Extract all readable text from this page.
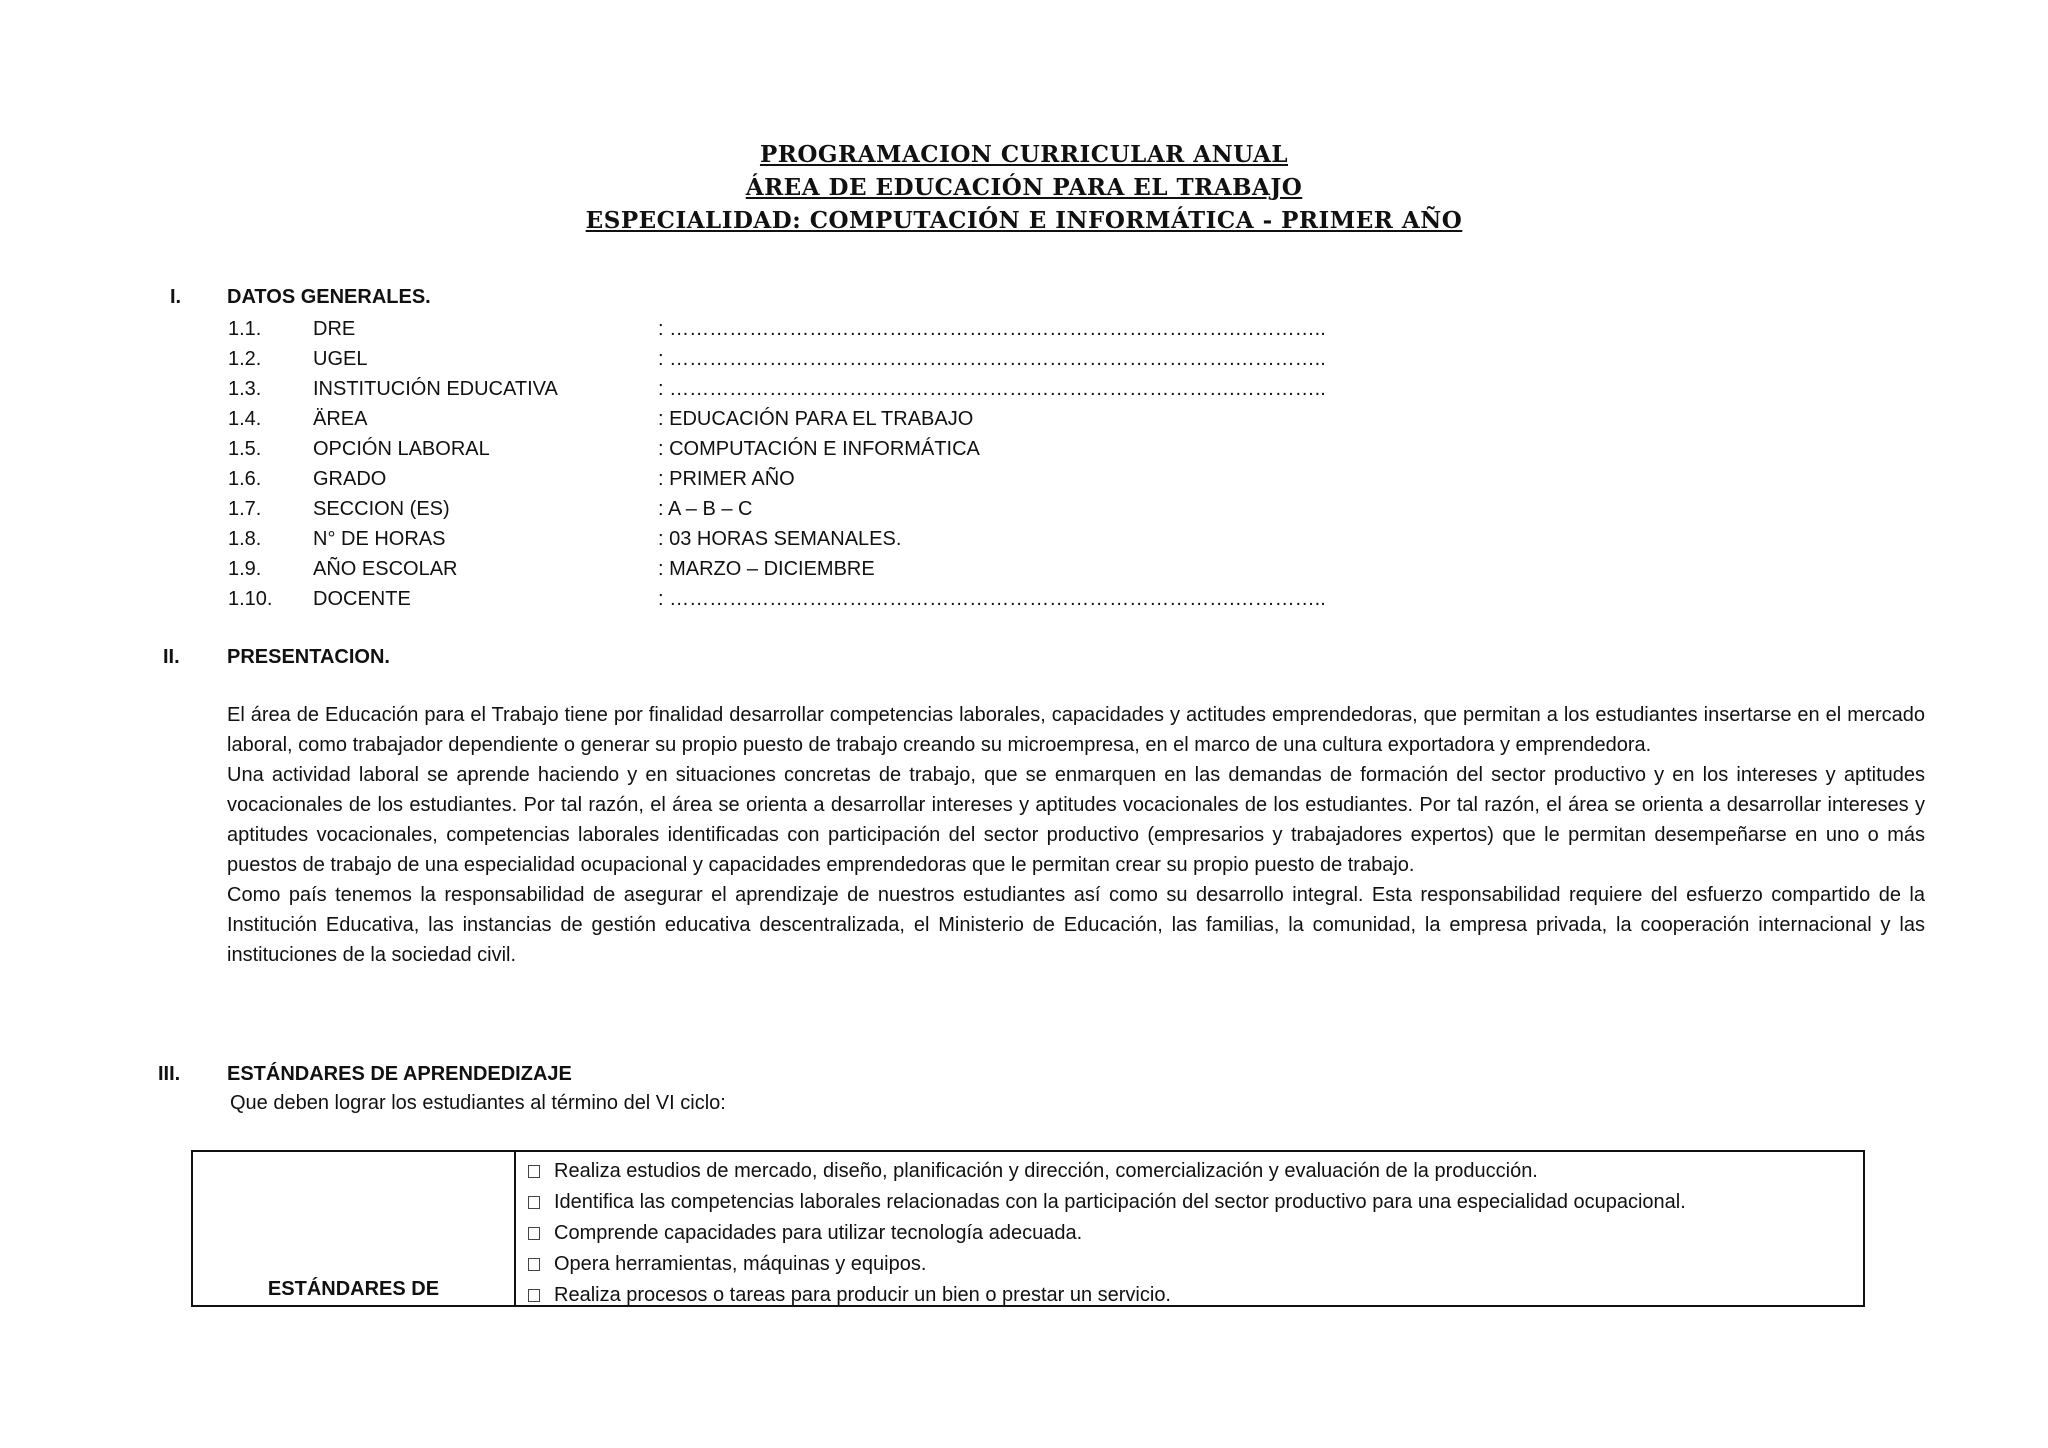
PROGRAMACION CURRICULAR ANUAL
ÁREA DE EDUCACIÓN PARA EL TRABAJO
ESPECIALIDAD: COMPUTACIÓN E INFORMÁTICA - PRIMER AÑO
I. DATOS GENERALES.
1.1.	DRE	: ………………………………………………………………………….…………..
1.2.	UGEL	: ………………………………………………………………………….…………..
1.3.	INSTITUCIÓN EDUCATIVA	: ………………………………………………………………………….…………..
1.4.	ÄREA	: EDUCACIÓN PARA EL TRABAJO
1.5.	OPCIÓN LABORAL	: COMPUTACIÓN E INFORMÁTICA
1.6.	GRADO	: PRIMER AÑO
1.7.	SECCION (ES)	: A – B – C
1.8.	N° DE HORAS	: 03 HORAS SEMANALES.
1.9.	AÑO ESCOLAR	: MARZO – DICIEMBRE
1.10. DOCENTE	: ………………………………………………………………………….…………..
II. PRESENTACION.

El área de Educación para el Trabajo tiene por finalidad desarrollar competencias laborales, capacidades y actitudes emprendedoras, que permitan a los estudiantes insertarse en el mercado laboral, como trabajador dependiente o generar su propio puesto de trabajo creando su microempresa, en el marco de una cultura exportadora y emprendedora.

Una actividad laboral se aprende haciendo y en situaciones concretas de trabajo, que se enmarquen en las demandas de formación del sector productivo y en los intereses y aptitudes vocacionales de los estudiantes. Por tal razón, el área se orienta a desarrollar intereses y aptitudes vocacionales de los estudiantes. Por tal razón, el área se orienta a desarrollar intereses y aptitudes vocacionales, competencias laborales identificadas con participación del sector productivo (empresarios y trabajadores expertos) que le permitan desempeñarse en uno o más puestos de trabajo de una especialidad ocupacional y capacidades emprendedoras que le permitan crear su propio puesto de trabajo.

Como país tenemos la responsabilidad de asegurar el aprendizaje de nuestros estudiantes así como su desarrollo integral. Esta responsabilidad requiere del esfuerzo compartido de la Institución Educativa, las instancias de gestión educativa descentralizada, el Ministerio de Educación, las familias, la comunidad, la empresa privada, la cooperación internacional y las instituciones de la sociedad civil.

III. ESTÁNDARES DE APRENDEDIZAJE
Que deben lograr los estudiantes al término del VI ciclo:
ESTÁNDARES DE
Realiza estudios de mercado, diseño, planificación y dirección, comercialización y evaluación de la producción.
Identifica las competencias laborales relacionadas con la participación del sector productivo para una especialidad ocupacional.
Comprende capacidades para utilizar tecnología adecuada.
Opera herramientas, máquinas y equipos.
Realiza procesos o tareas para producir un bien o prestar un servicio.
